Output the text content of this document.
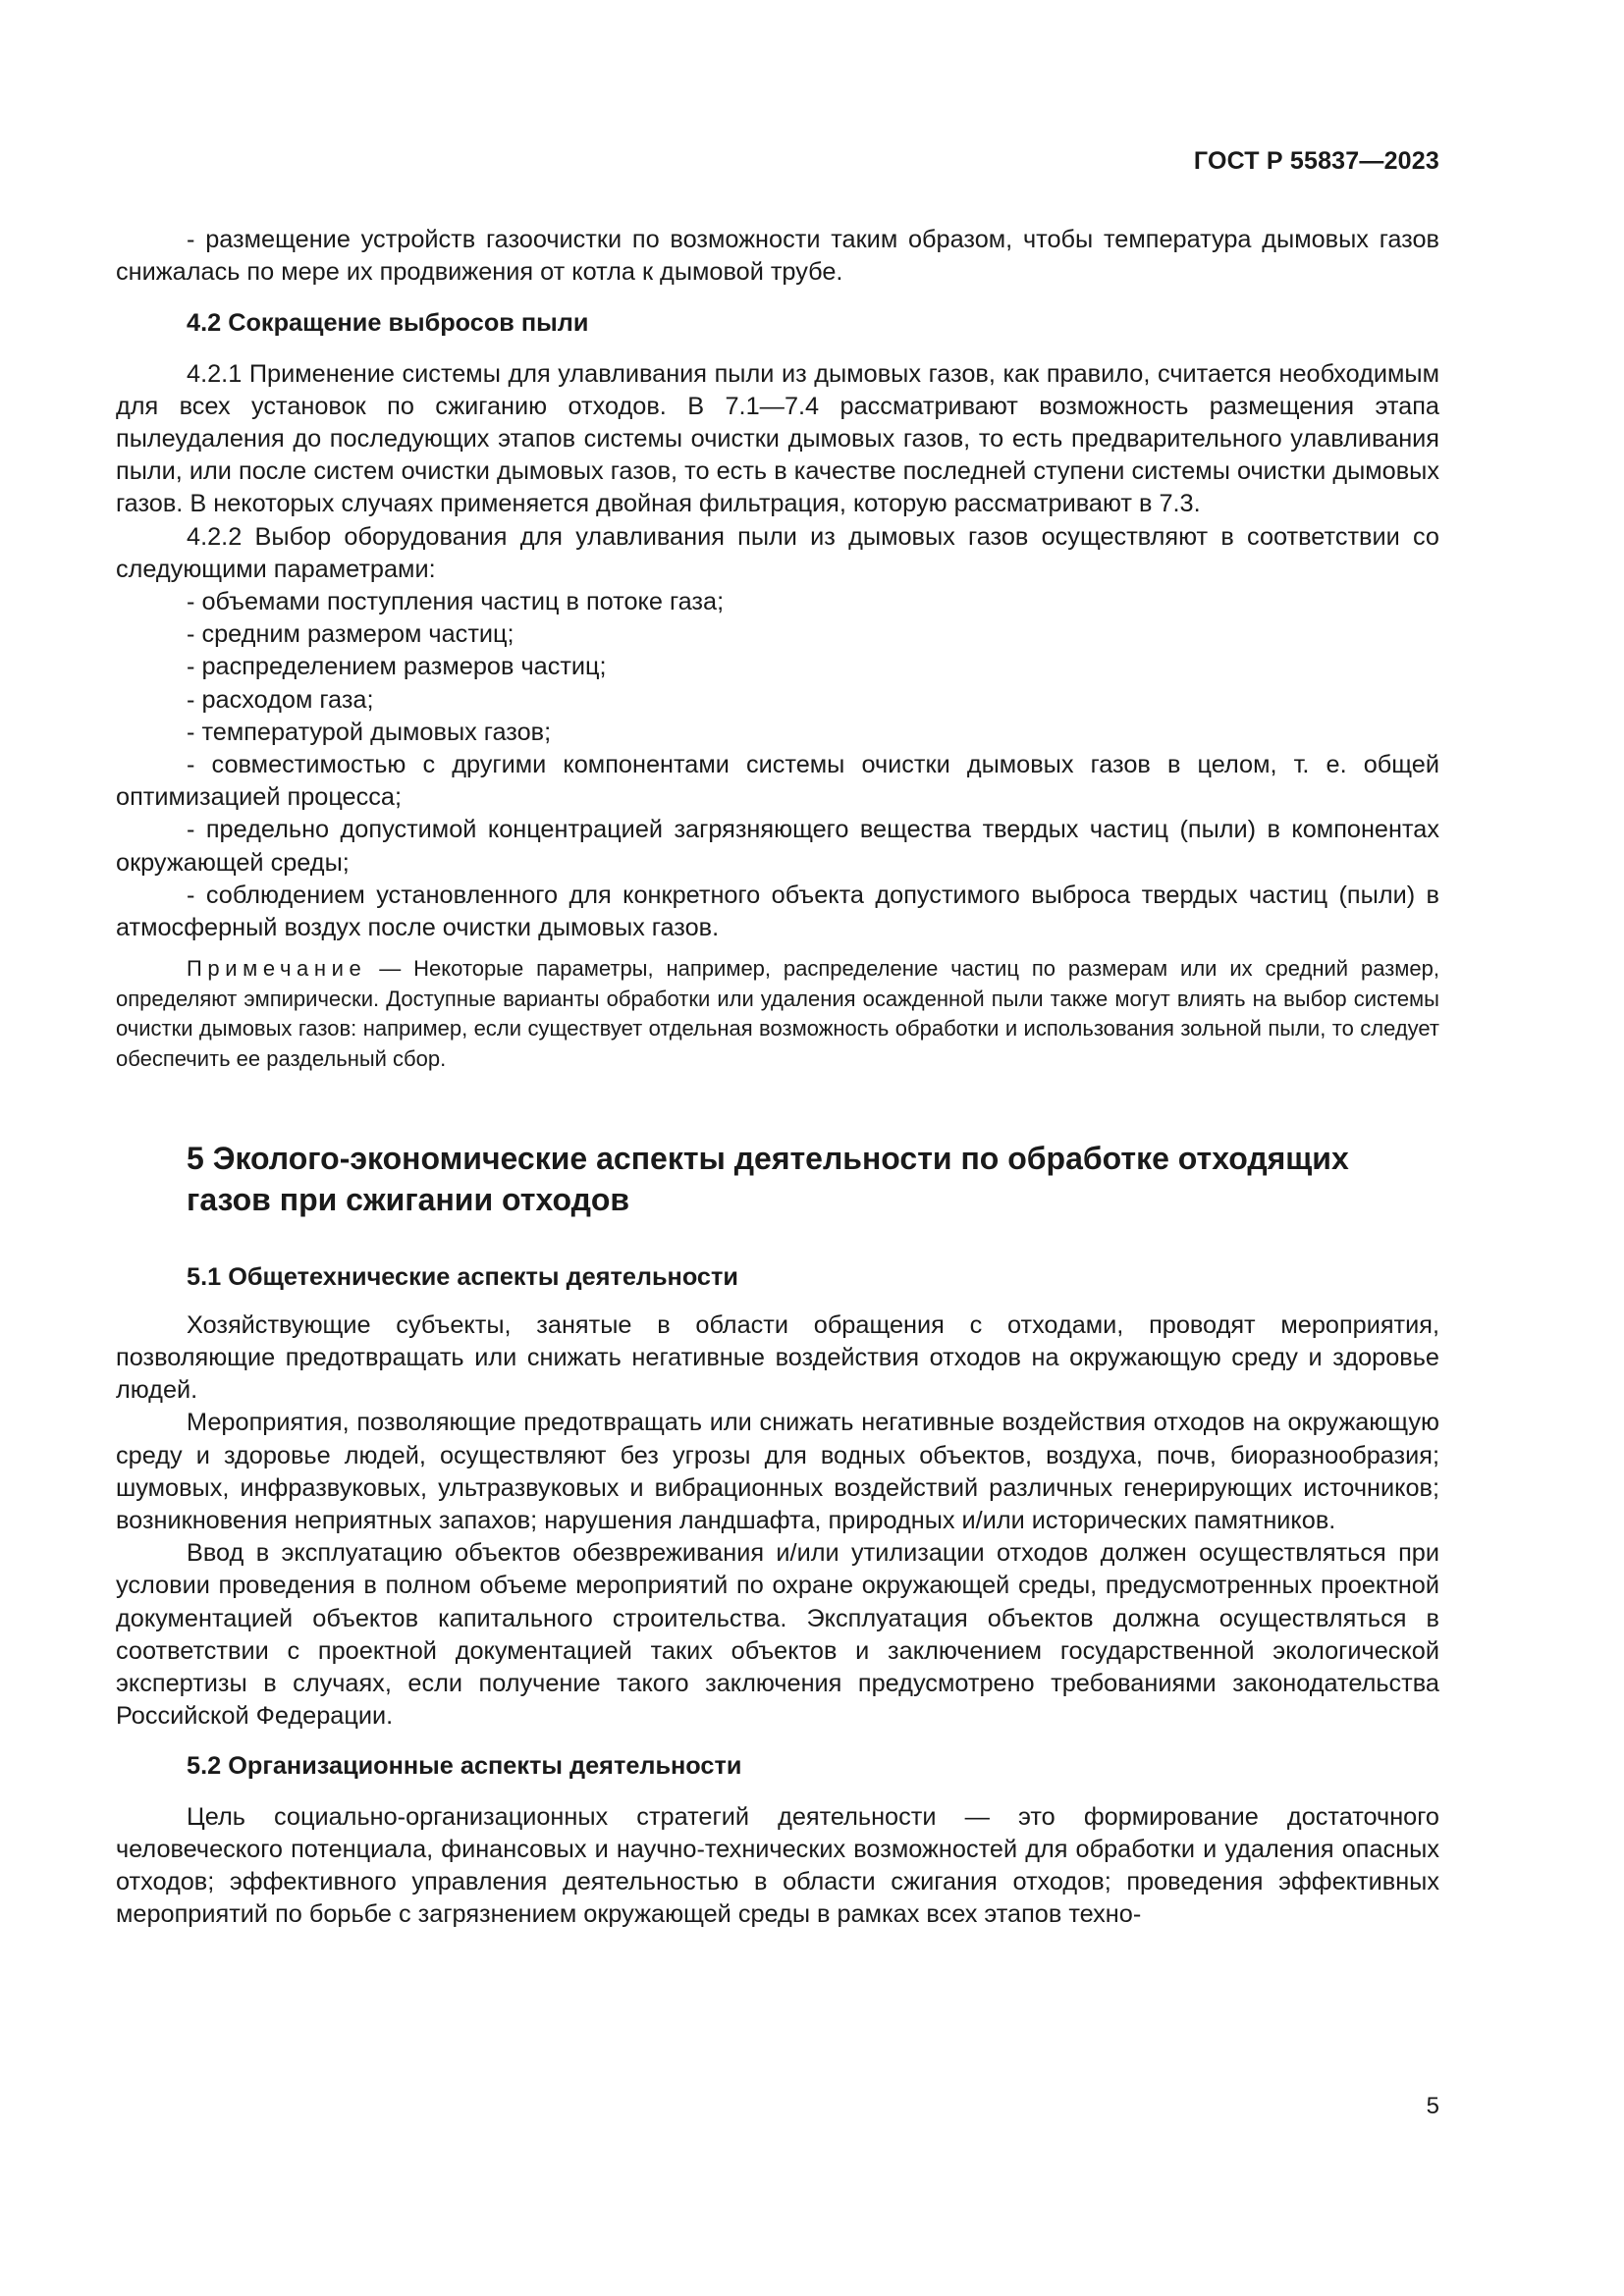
ГОСТ Р 55837—2023

- размещение устройств газоочистки по возможности таким образом, чтобы температура дымовых газов снижалась по мере их продвижения от котла к дымовой трубе.

4.2 Сокращение выбросов пыли

4.2.1 Применение системы для улавливания пыли из дымовых газов, как правило, считается необходимым для всех установок по сжиганию отходов. В 7.1—7.4 рассматривают возможность размещения этапа пылеудаления до последующих этапов системы очистки дымовых газов, то есть предварительного улавливания пыли, или после систем очистки дымовых газов, то есть в качестве последней ступени системы очистки дымовых газов. В некоторых случаях применяется двойная фильтрация, которую рассматривают в 7.3.

4.2.2 Выбор оборудования для улавливания пыли из дымовых газов осуществляют в соответствии со следующими параметрами:

- объемами поступления частиц в потоке газа;

- средним размером частиц;

- распределением размеров частиц;

- расходом газа;

- температурой дымовых газов;

- совместимостью с другими компонентами системы очистки дымовых газов в целом, т. е. общей оптимизацией процесса;

- предельно допустимой концентрацией загрязняющего вещества твердых частиц (пыли) в компонентах окружающей среды;

- соблюдением установленного для конкретного объекта допустимого выброса твердых частиц (пыли) в атмосферный воздух после очистки дымовых газов.

Примечание — Некоторые параметры, например, распределение частиц по размерам или их средний размер, определяют эмпирически. Доступные варианты обработки или удаления осажденной пыли также могут влиять на выбор системы очистки дымовых газов: например, если существует отдельная возможность обработки и использования зольной пыли, то следует обеспечить ее раздельный сбор.

5 Эколого-экономические аспекты деятельности по обработке отходящих
газов при сжигании отходов

5.1 Общетехнические аспекты деятельности

Хозяйствующие субъекты, занятые в области обращения с отходами, проводят мероприятия, позволяющие предотвращать или снижать негативные воздействия отходов на окружающую среду и здоровье людей.

Мероприятия, позволяющие предотвращать или снижать негативные воздействия отходов на окружающую среду и здоровье людей, осуществляют без угрозы для водных объектов, воздуха, почв, биоразнообразия; шумовых, инфразвуковых, ультразвуковых и вибрационных воздействий различных генерирующих источников; возникновения неприятных запахов; нарушения ландшафта, природных и/или исторических памятников.

Ввод в эксплуатацию объектов обезвреживания и/или утилизации отходов должен осуществляться при условии проведения в полном объеме мероприятий по охране окружающей среды, предусмотренных проектной документацией объектов капитального строительства. Эксплуатация объектов должна осуществляться в соответствии с проектной документацией таких объектов и заключением государственной экологической экспертизы в случаях, если получение такого заключения предусмотрено требованиями законодательства Российской Федерации.

5.2 Организационные аспекты деятельности

Цель социально-организационных стратегий деятельности — это формирование достаточного человеческого потенциала, финансовых и научно-технических возможностей для обработки и удаления опасных отходов; эффективного управления деятельностью в области сжигания отходов; проведения эффективных мероприятий по борьбе с загрязнением окружающей среды в рамках всех этапов техно-

5
